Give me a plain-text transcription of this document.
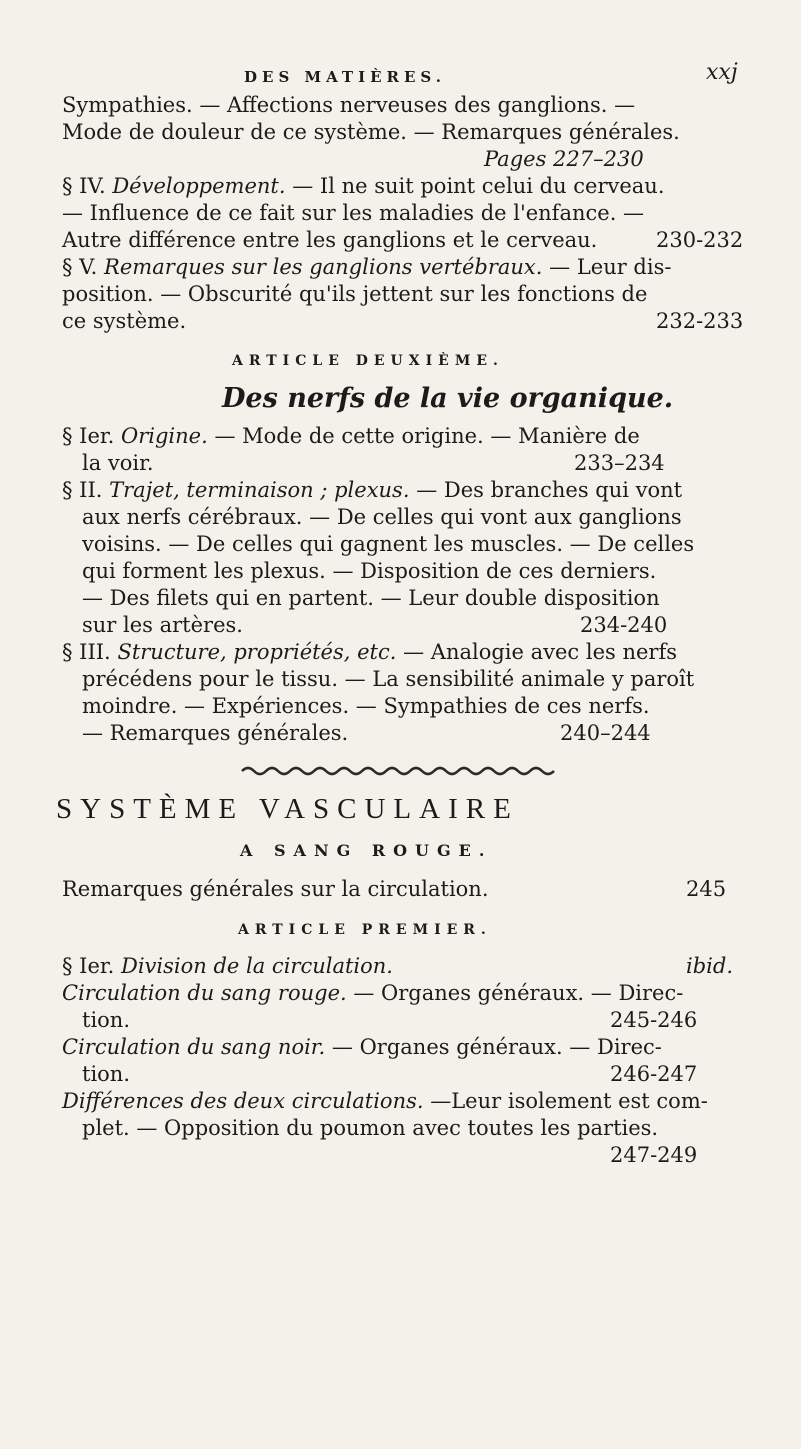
DES MATIÈRES.	xxj
Sympathies. — Affections nerveuses des ganglions. —
Mode de douleur de ce système. — Remarques générales.
Pages 227–230
§ IV. Développement. — Il ne suit point celui du cerveau.
— Influence de ce fait sur les maladies de l'enfance. —
Autre différence entre les ganglions et le cerveau.	230-232
§ V. Remarques sur les ganglions vertébraux. — Leur dis-
position. — Obscurité qu'ils jettent sur les fonctions de
ce système.	232-233
ARTICLE DEUXIÈME.
Des nerfs de la vie organique.
§ Ier. Origine. — Mode de cette origine. — Manière de
la voir.	233–234
§ II. Trajet, terminaison ; plexus. — Des branches qui vont
aux nerfs cérébraux. — De celles qui vont aux ganglions
voisins. — De celles qui gagnent les muscles. — De celles
qui forment les plexus. — Disposition de ces derniers.
— Des filets qui en partent. — Leur double disposition
sur les artères.	234-240
§ III. Structure, propriétés, etc. — Analogie avec les nerfs
précédens pour le tissu. — La sensibilité animale y paroît
moindre. — Expériences. — Sympathies de ces nerfs.
— Remarques générales.	240–244
SYSTÈME VASCULAIRE
A SANG ROUGE.
Remarques générales sur la circulation.	245
ARTICLE PREMIER.
§ Ier. Division de la circulation.	ibid.
Circulation du sang rouge. — Organes généraux. — Direc-
tion.	245-246
Circulation du sang noir. — Organes généraux. — Direc-
tion.	246-247
Différences des deux circulations. —Leur isolement est com-
plet. — Opposition du poumon avec toutes les parties.
247-249
